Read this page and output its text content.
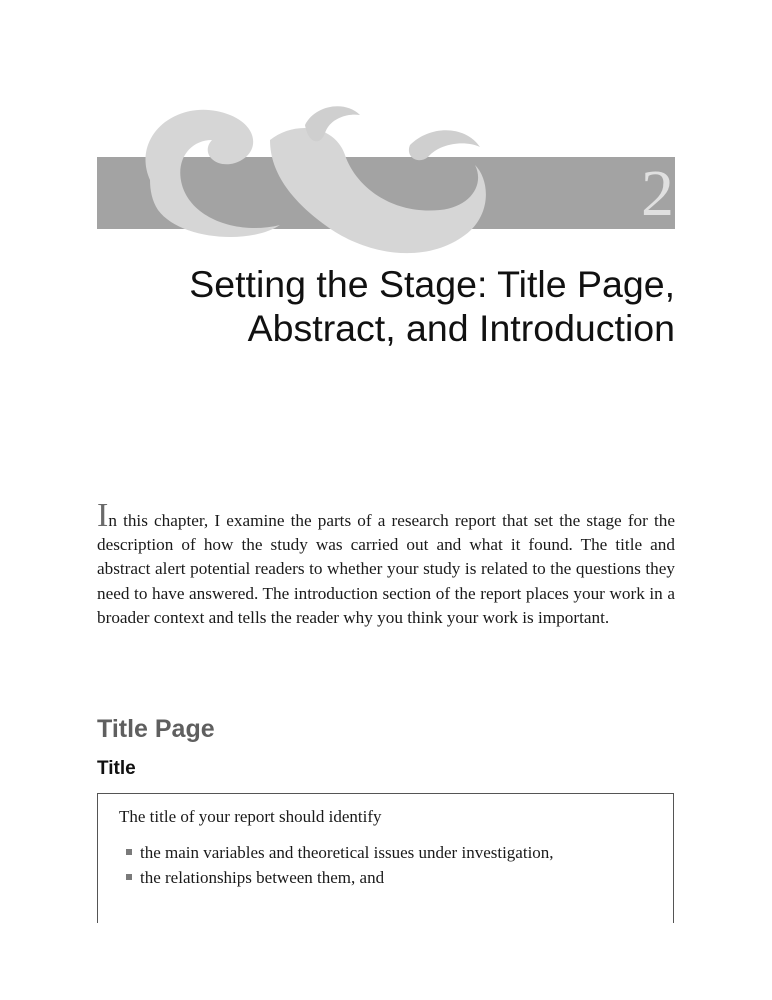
2
Setting the Stage: Title Page,
Abstract, and Introduction

In this chapter, I examine the parts of a research report that set the stage for the description of how the study was carried out and what it found. The title and abstract alert potential readers to whether your study is related to the questions they need to have answered. The introduction section of the report places your work in a broader context and tells the reader why you think your work is important.

Title Page
Title

The title of your report should identify

the main variables and theoretical issues under investigation,
the relationships between them, and
